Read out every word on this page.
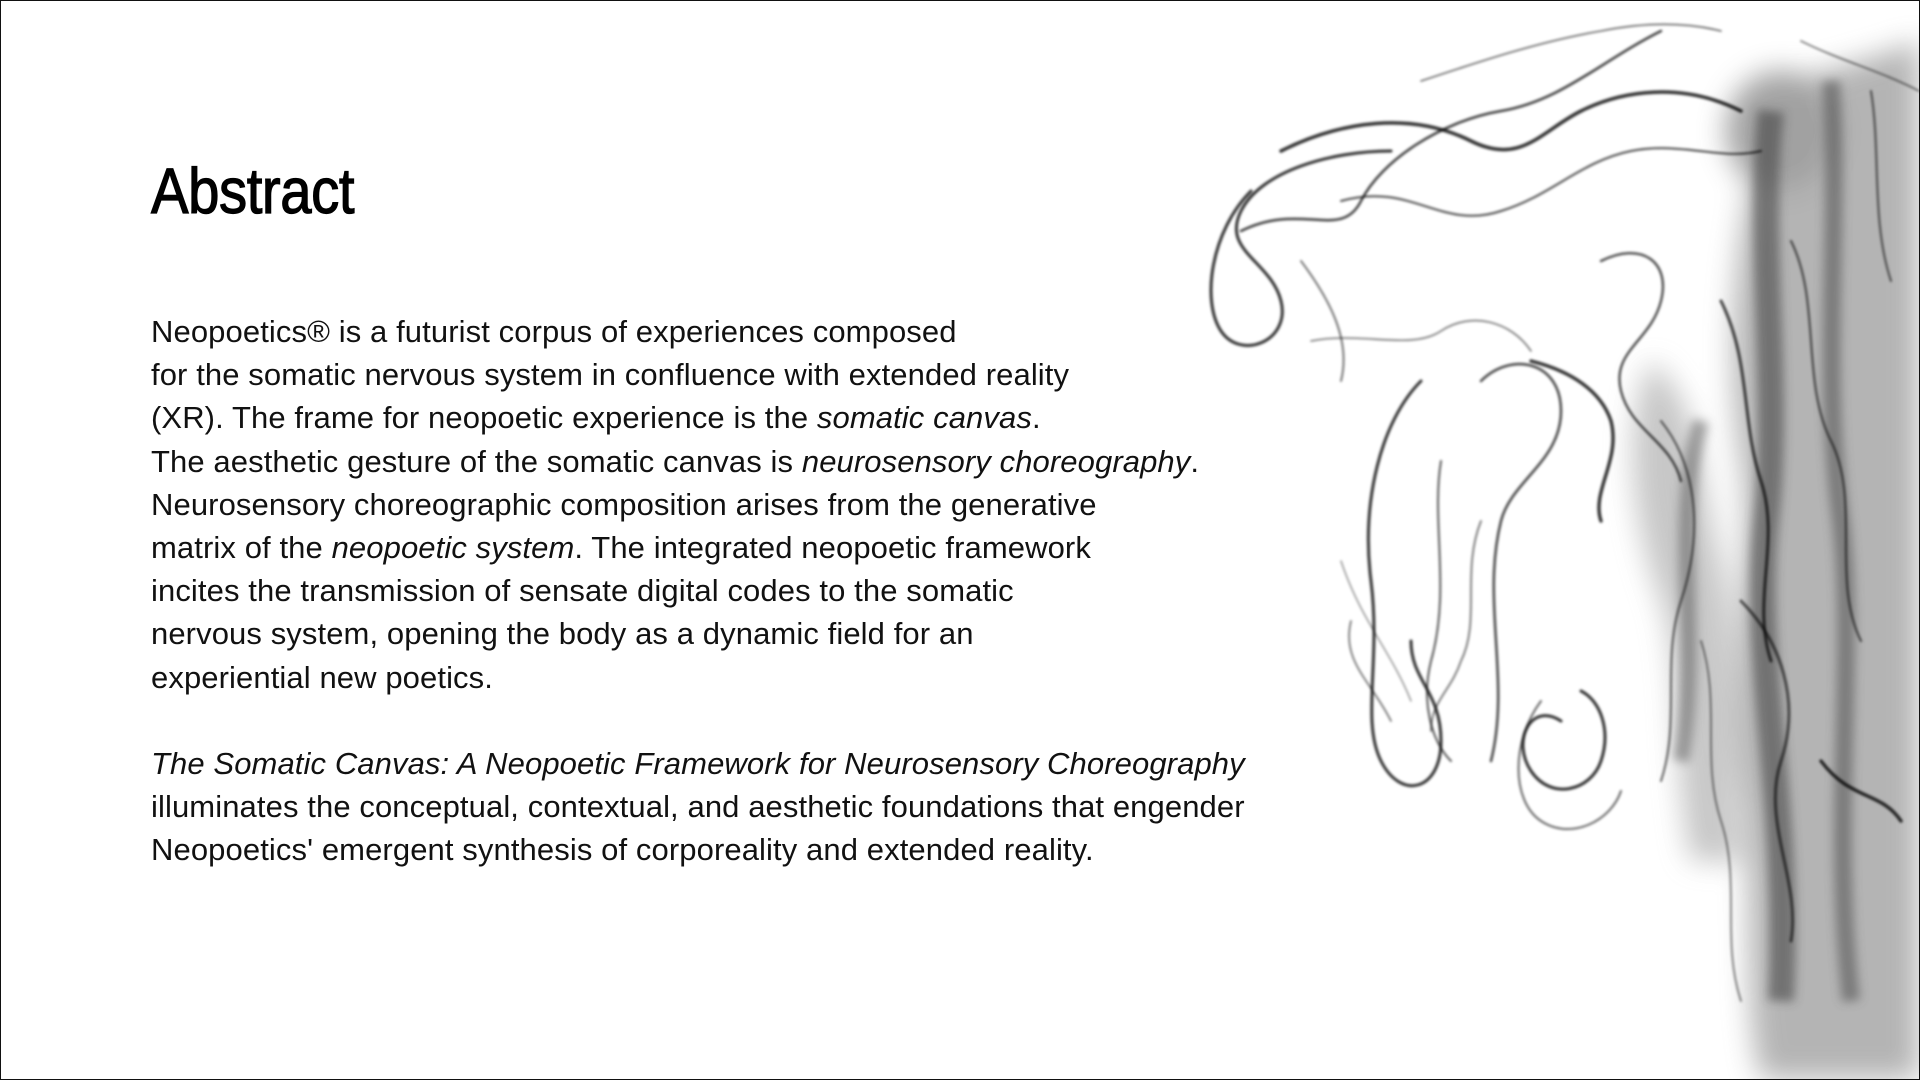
Abstract
Neopoetics® is a futurist corpus of experiences composed
for the somatic nervous system in confluence with extended reality
(XR). The frame for neopoetic experience is the somatic canvas.
The aesthetic gesture of the somatic canvas is neurosensory choreography.
Neurosensory choreographic composition arises from the generative
matrix of the neopoetic system. The integrated neopoetic framework
incites the transmission of sensate digital codes to the somatic
nervous system, opening the body as a dynamic field for an
experiential new poetics.
The Somatic Canvas: A Neopoetic Framework for Neurosensory Choreography
illuminates the conceptual, contextual, and aesthetic foundations that engender
Neopoetics' emergent synthesis of corporeality and extended reality.
